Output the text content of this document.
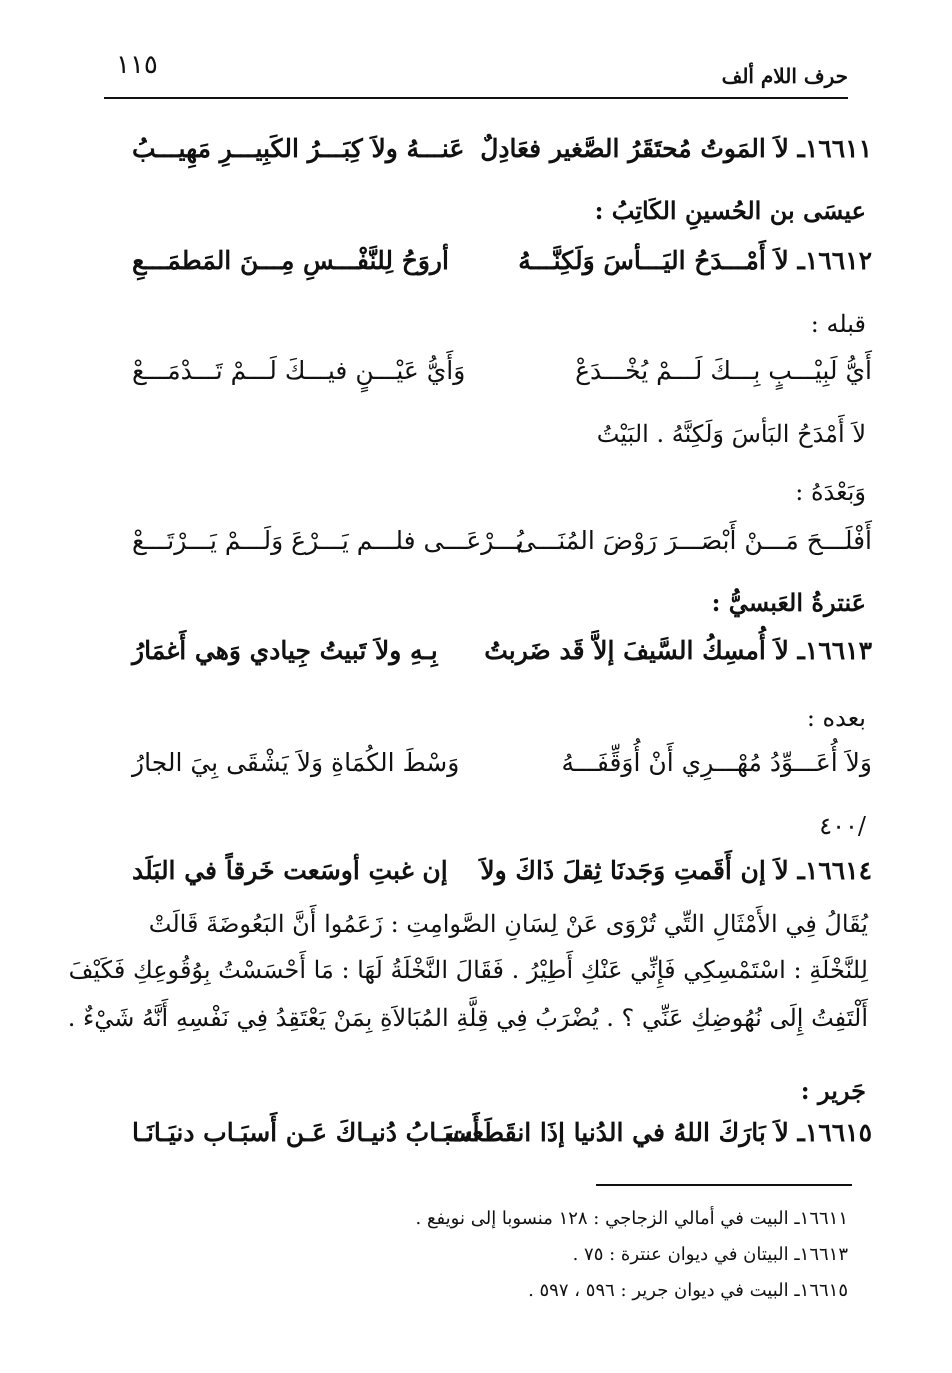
حرف اللام ألف
١١٥
١٦٦١١ـ لاَ المَوتُ مُحتَقَرُ الصَّغير فعَادِلٌ
عَنـــهُ ولاَ كِبَـــرُ الكَبِيـــرِ مَهِيـــبُ
عيسَى بن الحُسينِ الكَاتِبُ :
١٦٦١٢ـ لاَ أَمْـــدَحُ اليَـــأسَ وَلَكِنَّـــهُ
أروَحُ لِلنَّفْـــسِ مِـــنَ المَطمَـــعِ
قبله :
أَيُّ لَبِيْـــبٍ بِـــكَ لَـــمْ يُخْـــدَعْ
وَأَيُّ عَيْـــنٍ فيـــكَ لَـــمْ تَـــدْمَـــعْ
لاَ أَمْدَحُ البَأسَ وَلَكِنَّهُ . البَيْتُ
وَبَعْدَهُ :
أَفْلَـــحَ مَـــنْ أَبْصَـــرَ رَوْضَ المُنَـــى
يُـــرْعَـــى فلـــم يَـــرْعَ وَلَـــمْ يَـــرْتَـــعْ
عَنترةُ العَبسيُّ :
١٦٦١٣ـ لاَ أُمسِكُ السَّيفَ إلاَّ قَد ضَربتُ
بِـهِ ولاَ تَبيتُ جِيادي وَهي أَغمَارُ
بعده :
وَلاَ أُعَـــوِّدُ مُهْـــرِي أَنْ أُوَقِّفَـــهُ
وَسْطَ الكُمَاةِ وَلاَ يَشْقَى بِيَ الجارُ
/٤٠٠
١٦٦١٤ـ لاَ إن أَقَمتِ وَجَدنَا ثِقلَ ذَاكَ ولاَ
إن غبتِ أوسَعت خَرقاً في البَلَد
يُقَالُ فِي الأَمْثَالِ التِّي تُرْوَى عَنْ لِسَانِ الصَّوامِتِ : زَعَمُوا أَنَّ البَعُوضَةَ قَالَتْ
لِلنَّخْلَةِ : اسْتَمْسِكِي فَإِنِّي عَنْكِ أَطِيْرُ . فَقَالَ النَّخْلَةُ لَهَا : مَا أَحْسَسْتُ بِوُقُوعِكِ فَكَيْفَ
أَلْتَفِتُ إِلَى نُهُوضِكِ عَنِّي ؟ . يُضْرَبُ فِي قِلَّةِ المُبَالاَةِ بِمَنْ يَعْتَقِدُ فِي نَفْسِهِ أَنَّهُ شَيْءٌ .
جَرير :
١٦٦١٥ـ لاَ بَارَكَ اللهُ في الدُنيا إذَا انقَطَعت
أَسبَـابُ دُنيـاكَ عَـن أَسبَـاب دنيَـانَـا
١٦٦١١ـ البيت في أمالي الزجاجي : ١٢٨ منسوبا إلى نويفع .
١٦٦١٣ـ البيتان في ديوان عنترة : ٧٥ .
١٦٦١٥ـ البيت في ديوان جرير : ٥٩٦ ، ٥٩٧ .
